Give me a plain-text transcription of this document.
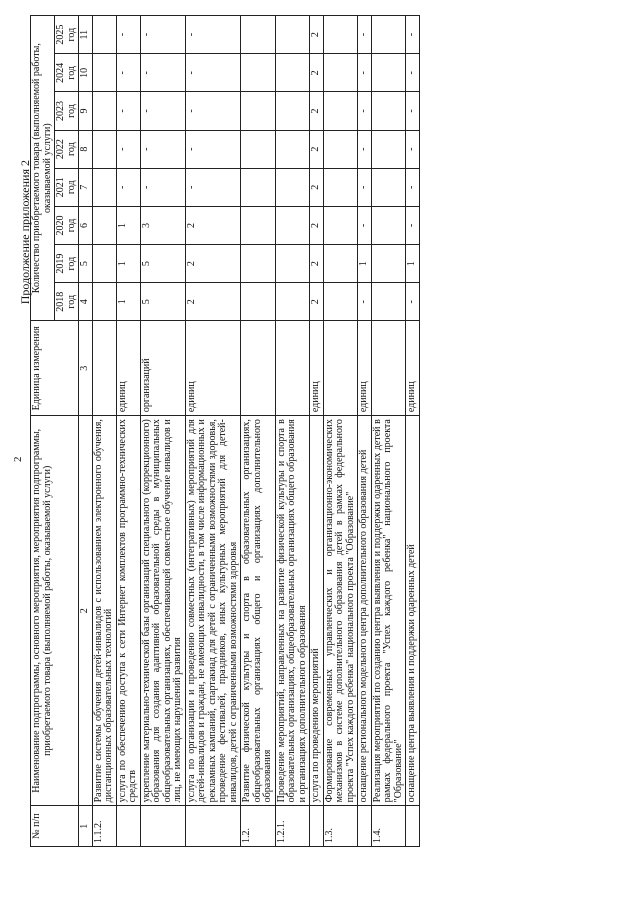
2
Продолжение приложения 2
№ п/п	Наименование подпрограммы, основного мероприятия, мероприятия подпрограммы, приобретаемого товара (выполняемой работы, оказываемой услуги)	Единица измерения	Количество приобретаемого товара (выполняемой работы, оказываемой услуги)							
			2018 год	2019 год	2020 год	2021 год	2022 год	2023 год	2024 год	2025 год
1	2	3	4	5	6	7	8	9	10	11
1.1.2.	Развитие системы обучения детей-инвалидов с использованием электронного обучения, дистанционных образовательных технологий									
	услуга по обеспечению доступа к сети Интернет комплектов программно-технических средств	единиц	1	1	1	-	-	-	-	-
	укрепление материально-технической базы организаций специального (коррекционного) образования для создания адаптивной образовательной среды в муниципальных общеобразовательных организациях, обеспечивающей совместное обучение инвалидов и лиц, не имеющих нарушений развития	организаций	5	5	3	-	-	-	-	-
	услуга по организации и проведению совместных (интегративных) мероприятий для детей-инвалидов и граждан, не имеющих инвалидности, в том числе информационных и рекламных кампаний, спартакиад для детей с ограниченными возможностями здоровья, проведение фестивалей, праздников, иных культурных мероприятий для детей-инвалидов, детей с ограниченными возможностями здоровья	единиц	2	2	2	-	-	-	-	-
1.2.	Развитие физической культуры и спорта в образовательных организациях, общеобразовательных организациях общего и организациях дополнительного образования									
1.2.1.	Проведение мероприятий, направленных на развитие физической культуры и спорта в образовательных организациях, общеобразовательных организациях общего образования и организациях дополнительного образования									
	услуга по проведению мероприятий	единиц	2	2	2	2	2	2	2	2
1.3.	Формирование современных управленческих и организационно-экономических механизмов в системе дополнительного образования детей в рамках федерального проекта "Успех каждого ребенка" национального проекта "Образование"									
	оснащение регионального модельного центра дополнительного образования детей	единиц	-	1	-	-	-	-	-	-
1.4.	Реализация мероприятий по созданию центра выявления и поддержки одаренных детей в рамках федерального проекта "Успех каждого ребенка" национального проекта "Образование"									
	оснащение центра выявления и поддержки одаренных детей	единиц	-	1	-	-	-	-	-	-
